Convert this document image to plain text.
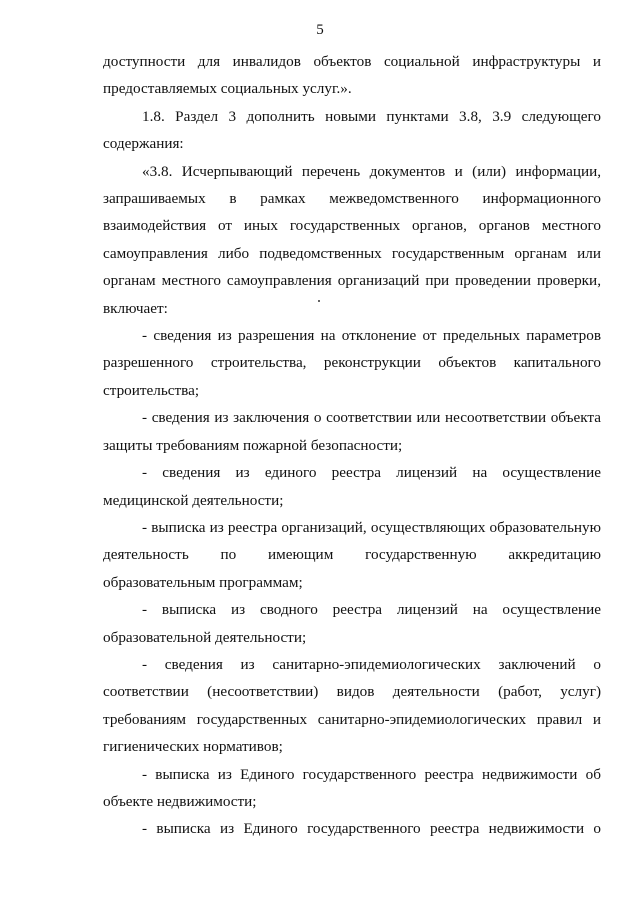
5

доступности для инвалидов объектов социальной инфраструктуры и предоставляемых социальных услуг.».

1.8. Раздел 3 дополнить новыми пунктами 3.8, 3.9 следующего содержания:

«3.8. Исчерпывающий перечень документов и (или) информации, запрашиваемых в рамках межведомственного информационного взаимодействия от иных государственных органов, органов местного самоуправления либо подведомственных государственным органам или органам местного самоуправления организаций при проведении проверки, включает:

- сведения из разрешения на отклонение от предельных параметров разрешенного строительства, реконструкции объектов капитального строительства;

- сведения из заключения о соответствии или несоответствии объекта защиты требованиям пожарной безопасности;

- сведения из единого реестра лицензий на осуществление медицинской деятельности;

- выписка из реестра организаций, осуществляющих образовательную деятельность по имеющим государственную аккредитацию образовательным программам;

- выписка из сводного реестра лицензий на осуществление образовательной деятельности;

- сведения из санитарно-эпидемиологических заключений о соответствии (несоответствии) видов деятельности (работ, услуг) требованиям государственных санитарно-эпидемиологических правил и гигиенических нормативов;

- выписка из Единого государственного реестра недвижимости об объекте недвижимости;

- выписка из Единого государственного реестра недвижимости о
